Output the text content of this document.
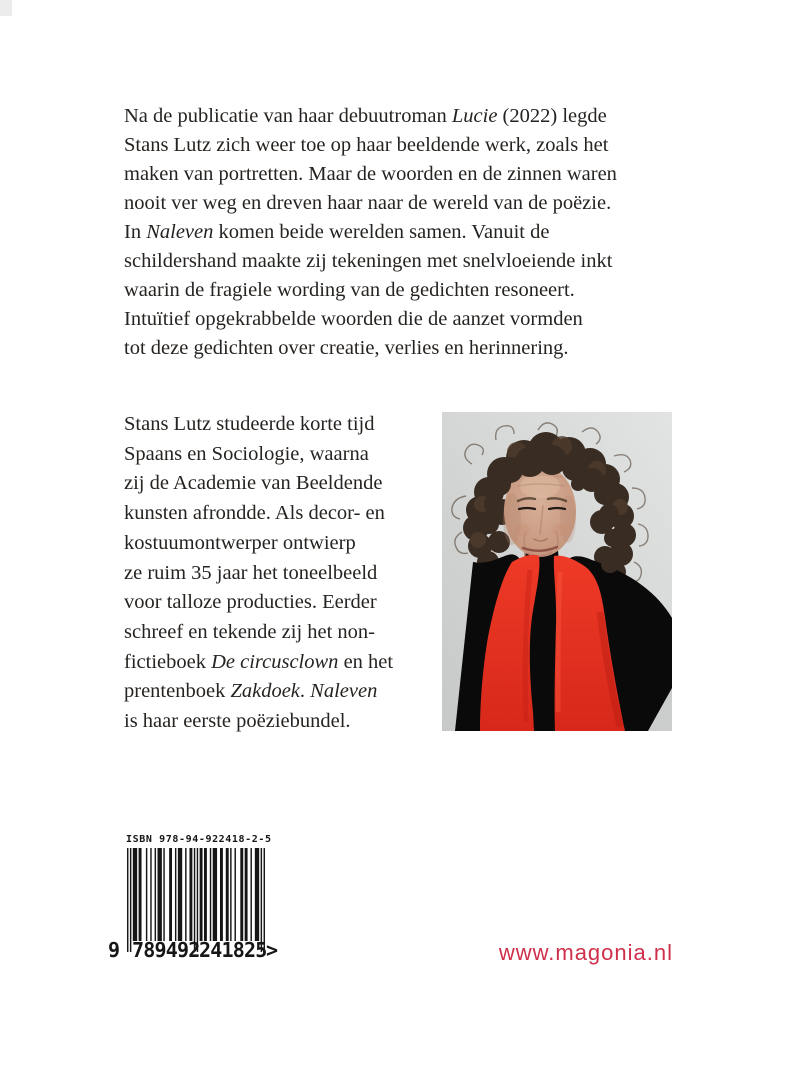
Na de publicatie van haar debuutroman Lucie (2022) legde
Stans Lutz zich weer toe op haar beeldende werk, zoals het
maken van portretten. Maar de woorden en de zinnen waren
nooit ver weg en dreven haar naar de wereld van de poëzie.
In Naleven komen beide werelden samen. Vanuit de
schildershand maakte zij tekeningen met snelvloeiende inkt
waarin de fragiele wording van de gedichten resoneert.
Intuïtief opgekrabbelde woorden die de aanzet vormden
tot deze gedichten over creatie, verlies en herinnering.
Stans Lutz studeerde korte tijd
Spaans en Sociologie, waarna
zij de Academie van Beeldende
kunsten afrondde. Als decor- en
kostuumontwerper ontwierp
ze ruim 35 jaar het toneelbeeld
voor talloze producties. Eerder
schreef en tekende zij het non-
fictieboek De circusclown en het
prentenboek Zakdoek. Naleven
is haar eerste poëziebundel.
ISBN 978-94-922418-2-5
9 789492 241825 >	www.magonia.nl
